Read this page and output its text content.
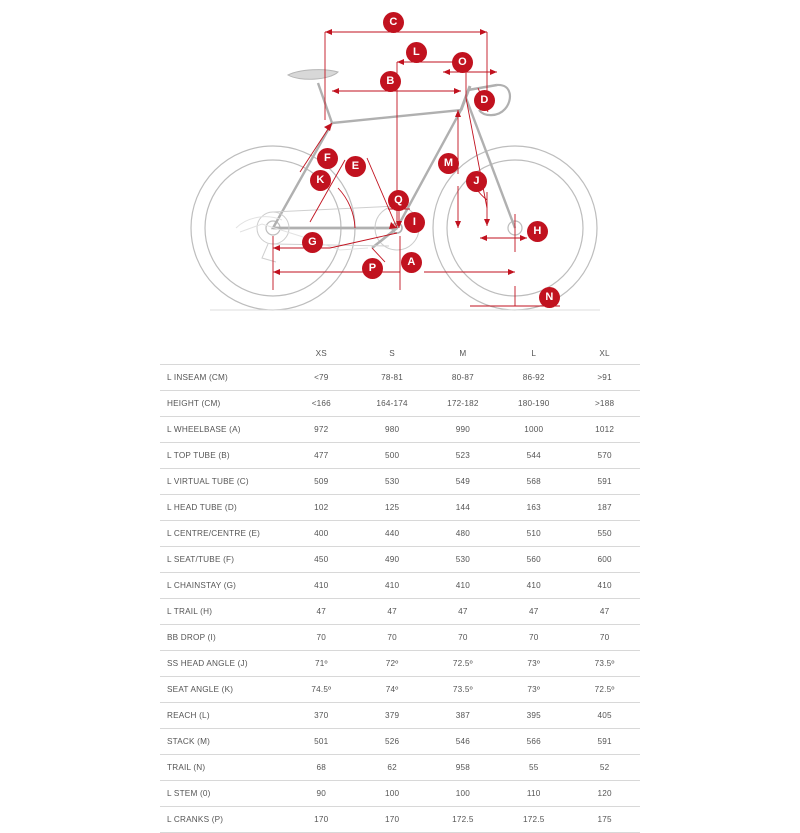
C
L
O
B
D
F
E	M
K	J
Q
I
H
G
P	A
N
	XS	S	M	L	XL
L INSEAM (CM)	<79	78-81	80-87	86-92	>91
HEIGHT (CM)	<166	164-174	172-182	180-190	>188
L WHEELBASE (A)	972	980	990	1000	1012
L TOP TUBE (B)	477	500	523	544	570
L VIRTUAL TUBE (C)	509	530	549	568	591
L HEAD TUBE (D)	102	125	144	163	187
L CENTRE/CENTRE (E)	400	440	480	510	550
L SEAT/TUBE (F)	450	490	530	560	600
L CHAINSTAY (G)	410	410	410	410	410
L TRAIL (H)	47	47	47	47	47
BB DROP (I)	70	70	70	70	70
SS HEAD ANGLE (J)	71º	72º	72.5º	73º	73.5º
SEAT ANGLE (K)	74.5º	74º	73.5º	73º	72.5º
REACH (L)	370	379	387	395	405
STACK (M)	501	526	546	566	591
TRAIL (N)	68	62	958	55	52
L STEM (0)	90	100	100	110	120
L CRANKS (P)	170	170	172.5	172.5	175
